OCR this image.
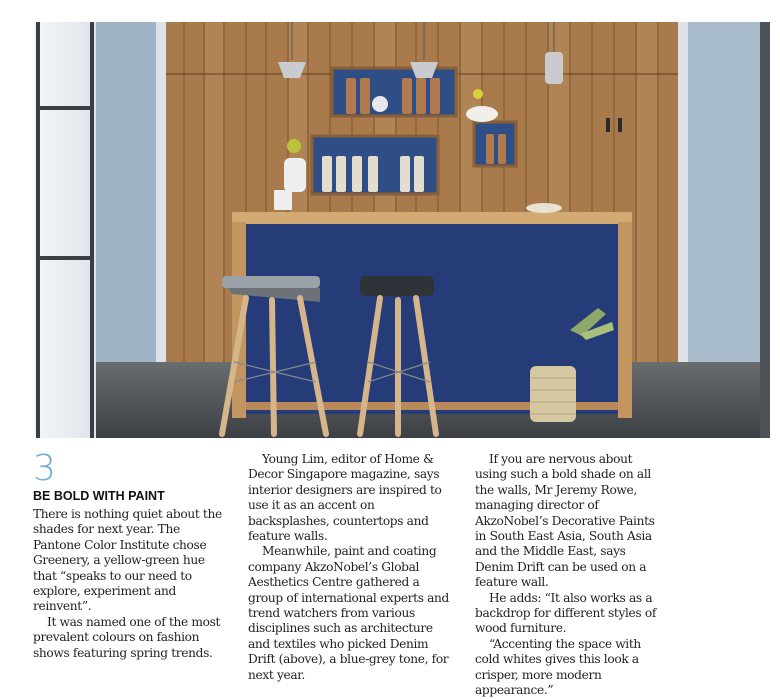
3
BE BOLD WITH PAINT

There is nothing quiet about the shades for next year. The Pantone Color Institute chose Greenery, a yellow-green hue that “speaks to our need to explore, experiment and reinvent”.

It was named one of the most prevalent colours on fashion shows featuring spring trends.

Young Lim, editor of Home & Decor Singapore magazine, says interior designers are inspired to use it as an accent on backsplashes, countertops and feature walls.

Meanwhile, paint and coating company AkzoNobel’s Global Aesthetics Centre gathered a group of international experts and trend watchers from various disciplines such as architecture and textiles who picked Denim Drift (above), a blue-grey tone, for next year.

If you are nervous about using such a bold shade on all the walls, Mr Jeremy Rowe, managing director of AkzoNobel’s Decorative Paints in South East Asia, South Asia and the Middle East, says Denim Drift can be used on a feature wall.

He adds: “It also works as a backdrop for different styles of wood furniture.

“Accenting the space with cold whites gives this look a crisper, more modern appearance.”
